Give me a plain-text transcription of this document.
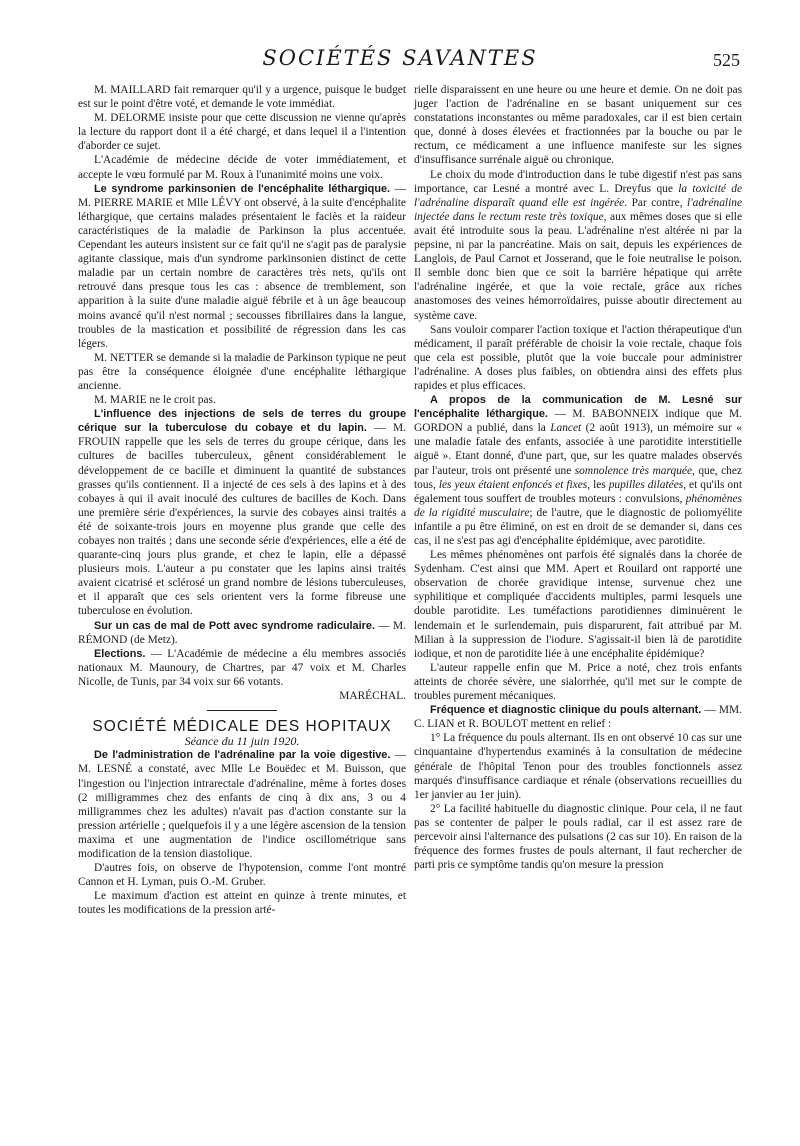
SOCIÉTÉS SAVANTES	525

M. MAILLARD fait remarquer qu'il y a urgence, puisque le budget est sur le point d'être voté, et demande le vote immédiat.

M. DELORME insiste pour que cette discussion ne vienne qu'après la lecture du rapport dont il a été chargé, et dans lequel il a l'intention d'aborder ce sujet.

L'Académie de médecine décide de voter immédiatement, et accepte le vœu formulé par M. Roux à l'unanimité moins une voix.

Le syndrome parkinsonien de l'encéphalite léthargique. — M. PIERRE MARIE et Mlle LÉVY ont observé, à la suite d'encéphalite léthargique, que certains malades présentaient le faciès et la raideur caractéristiques de la maladie de Parkinson la plus accentuée. Cependant les auteurs insistent sur ce fait qu'il ne s'agit pas de paralysie agitante classique, mais d'un syndrome parkinsonien distinct de cette maladie par un certain nombre de caractères très nets, qu'ils ont retrouvé dans presque tous les cas : absence de tremblement, son apparition à la suite d'une maladie aiguë fébrile et à un âge beaucoup moins avancé qu'il n'est normal ; secousses fibrillaires dans la langue, troubles de la mastication et possibilité de régression dans les cas légers.

M. NETTER se demande si la maladie de Parkinson typique ne peut pas être la conséquence éloignée d'une encéphalite léthargique ancienne.

M. MARIE ne le croit pas.

L'influence des injections de sels de terres du groupe cérique sur la tuberculose du cobaye et du lapin. — M. FROUIN rappelle que les sels de terres du groupe cérique, dans les cultures de bacilles tuberculeux, gênent considérablement le développement de ce bacille et diminuent la quantité de substances grasses qu'ils contiennent. Il a injecté de ces sels à des lapins et à des cobayes à qui il avait inoculé des cultures de bacilles de Koch. Dans une première série d'expériences, la survie des cobayes ainsi traités a été de soixante-trois jours en moyenne plus grande que celle des cobayes non traités ; dans une seconde série d'expériences, elle a été de quarante-cinq jours plus grande, et chez le lapin, elle a dépassé plusieurs mois. L'auteur a pu constater que les lapins ainsi traités avaient cicatrisé et sclérosé un grand nombre de lésions tuberculeuses, et il apparaît que ces sels orientent vers la forme fibreuse une tuberculose en évolution.

Sur un cas de mal de Pott avec syndrome radiculaire. — M. RÉMOND (de Metz).

Elections. — L'Académie de médecine a élu membres associés nationaux M. Maunoury, de Chartres, par 47 voix et M. Charles Nicolle, de Tunis, par 34 voix sur 66 votants.

MARÉCHAL.

SOCIÉTÉ MÉDICALE DES HOPITAUX

Séance du 11 juin 1920.

De l'administration de l'adrénaline par la voie digestive. — M. LESNÉ a constaté, avec Mlle Le Bouëdec et M. Buisson, que l'ingestion ou l'injection intrarectale d'adrénaline, même à fortes doses (2 milligrammes chez des enfants de cinq à dix ans, 3 ou 4 milligrammes chez les adultes) n'avait pas d'action constante sur la pression artérielle ; quelquefois il y a une légère ascension de la tension maxima et une augmentation de l'indice oscillométrique sans modification de la tension diastolique.

D'autres fois, on observe de l'hypotension, comme l'ont montré Cannon et H. Lyman, puis O.-M. Gruber.

Le maximum d'action est atteint en quinze à trente minutes, et toutes les modifications de la pression arté-

rielle disparaissent en une heure ou une heure et demie. On ne doit pas juger l'action de l'adrénaline en se basant uniquement sur ces constatations inconstantes ou même paradoxales, car il est bien certain que, donné à doses élevées et fractionnées par la bouche ou par le rectum, ce médicament a une influence manifeste sur les signes d'insuffisance surrénale aiguë ou chronique.

Le choix du mode d'introduction dans le tube digestif n'est pas sans importance, car Lesné a montré avec L. Dreyfus que la toxicité de l'adrénaline disparaît quand elle est ingérée. Par contre, l'adrénaline injectée dans le rectum reste très toxique, aux mêmes doses que si elle avait été introduite sous la peau. L'adrénaline n'est altérée ni par la pepsine, ni par la pancréatine. Mais on sait, depuis les expériences de Langlois, de Paul Carnot et Josserand, que le foie neutralise le poison. Il semble donc bien que ce soit la barrière hépatique qui arrête l'adrénaline ingérée, et que la voie rectale, grâce aux riches anastomoses des veines hémorroïdaires, puisse aboutir directement au système cave.

Sans vouloir comparer l'action toxique et l'action thérapeutique d'un médicament, il paraît préférable de choisir la voie rectale, chaque fois que cela est possible, plutôt que la voie buccale pour administrer l'adrénaline. A doses plus faibles, on obtiendra ainsi des effets plus rapides et plus efficaces.

A propos de la communication de M. Lesné sur l'encéphalite léthargique. — M. BABONNEIX indique que M. GORDON a publié, dans la Lancet (2 août 1913), un mémoire sur « une maladie fatale des enfants, associée à une parotidite interstitielle aiguë ». Etant donné, d'une part, que, sur les quatre malades observés par l'auteur, trois ont présenté une somnolence très marquée, que, chez tous, les yeux étaient enfoncés et fixes, les pupilles dilatées, et qu'ils ont également tous souffert de troubles moteurs : convulsions, phénomènes de la rigidité musculaire; de l'autre, que le diagnostic de poliomyélite infantile a pu être éliminé, on est en droit de se demander si, dans ces cas, il ne s'est pas agi d'encéphalite épidémique, avec parotidite.

Les mêmes phénomènes ont parfois été signalés dans la chorée de Sydenham. C'est ainsi que MM. Apert et Rouilard ont rapporté une observation de chorée gravidique intense, survenue chez une syphilitique et compliquée d'accidents multiples, parmi lesquels une double parotidite. Les tuméfactions parotidiennes diminuèrent le lendemain et le surlendemain, puis disparurent, fait attribué par M. Milian à la suppression de l'iodure. S'agissait-il bien là de parotidite iodique, et non de parotidite liée à une encéphalite épidémique?

L'auteur rappelle enfin que M. Price a noté, chez trois enfants atteints de chorée sévère, une sialorrhée, qu'il met sur le compte de troubles purement mécaniques.

Fréquence et diagnostic clinique du pouls alternant. — MM. C. LIAN et R. BOULOT mettent en relief :

1° La fréquence du pouls alternant. Ils en ont observé 10 cas sur une cinquantaine d'hypertendus examinés à la consultation de médecine générale de l'hôpital Tenon pour des troubles fonctionnels assez marqués d'insuffisance cardiaque et rénale (observations recueillies du 1er janvier au 1er juin).

2° La facilité habituelle du diagnostic clinique. Pour cela, il ne faut pas se contenter de palper le pouls radial, car il est assez rare de percevoir ainsi l'alternance des pulsations (2 cas sur 10). En raison de la fréquence des formes frustes de pouls alternant, il faut rechercher de parti pris ce symptôme tandis qu'on mesure la pression
